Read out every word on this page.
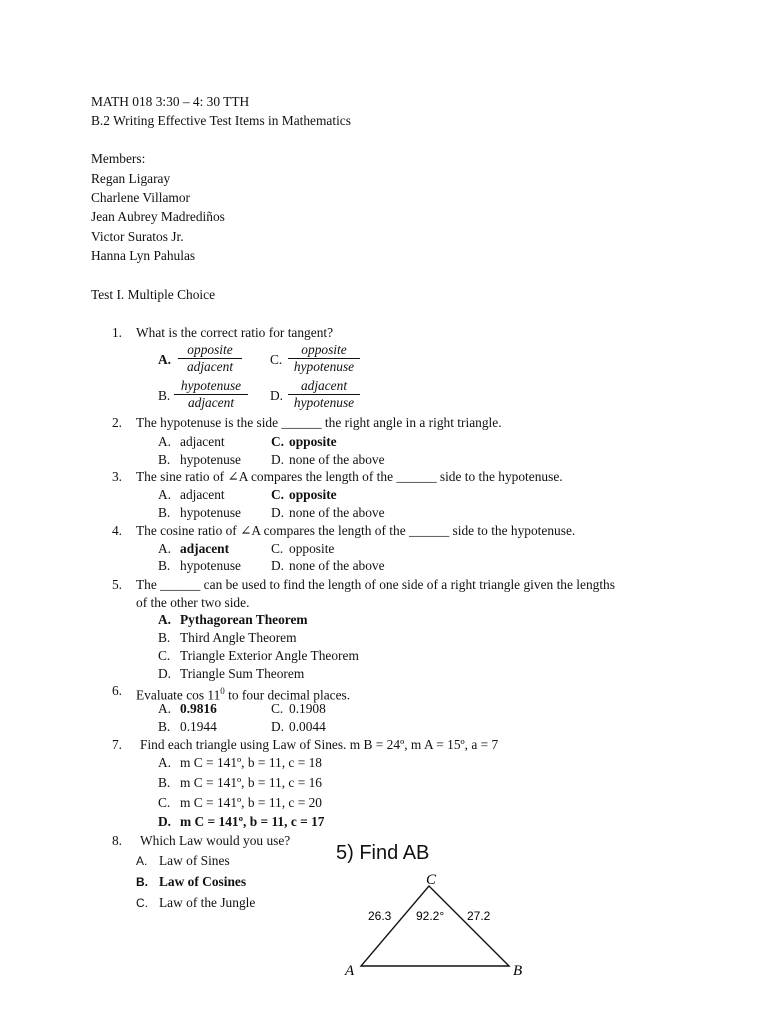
MATH 018 3:30 – 4: 30 TTH
B.2 Writing Effective Test Items in Mathematics
Members:
Regan Ligaray
Charlene Villamor
Jean Aubrey Madrediños
Victor Suratos Jr.
Hanna Lyn Pahulas
Test I. Multiple Choice
1. What is the correct ratio for tangent?
A.
opposite
adjacent	C.
opposite
hypotenuse
B.
hypotenuse
adjacent	D.
adjacent
hypotenuse
2. The hypotenuse is the side ______ the right angle in a right triangle.
A. adjacent	C. opposite
B. hypotenuse D. none of the above
3. The sine ratio of ∠A compares the length of the ______ side to the hypotenuse.
A. adjacent	C. opposite
B. hypotenuse D. none of the above
4. The cosine ratio of ∠A compares the length of the ______ side to the hypotenuse.
A. adjacent	C. opposite
B. hypotenuse D. none of the above
5. The ______ can be used to find the length of one side of a right triangle given the lengths
of the other two side.
A. Pythagorean Theorem
B. Third Angle Theorem
C. Triangle Exterior Angle Theorem
D. Triangle Sum Theorem
6. Evaluate $\cos 11^0$ to four decimal places.
A. 0.9816	C. 0.1908
B. 0.1944	D. 0.0044
7. Find each triangle using Law of Sines. m B = 24º, m A = 15º, a = 7
A. m C = 141º, b = 11, c = 18
B. m C = 141º, b = 11, c = 16
C. m C = 141º, b = 11, c = 20
D. m C = 141º, b = 11, c = 17
8. Which Law would you use?
A. Law of Sines
B. Law of Cosines
C. Law of the Jungle
5) Find AB
C
A	B
26.3 92.2° 27.2
